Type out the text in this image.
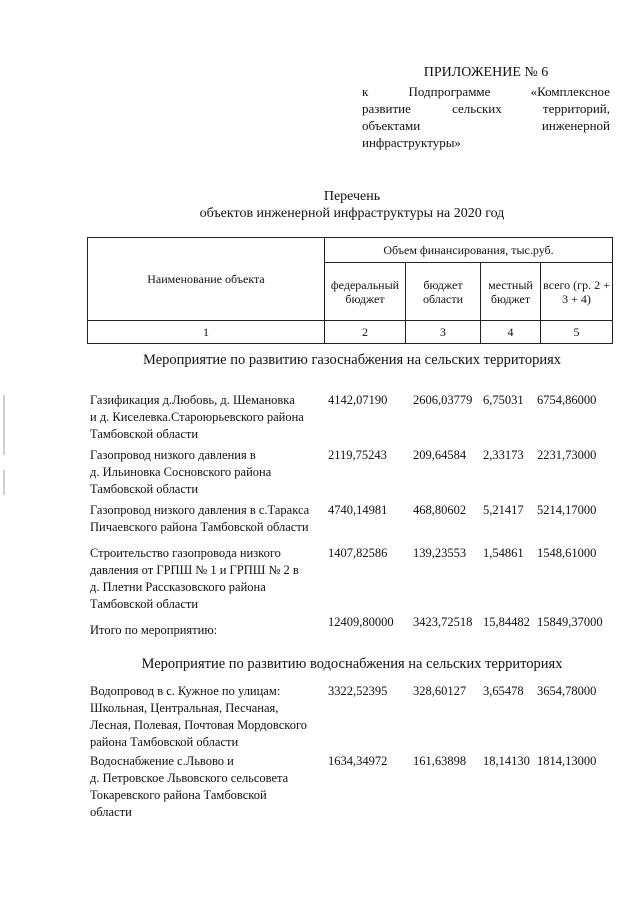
ПРИЛОЖЕНИЕ № 6
к	Подпрограмме	«Комплексное
развитие	сельских	территорий,
объектами	инженерной
инфраструктуры»
Перечень
объектов инженерной инфраструктуры на 2020 год
Наименование объекта	Объем финансирования, тыс.руб.			
	федеральный бюджет	бюджет области	местный бюджет	всего (гр. 2 + 3 + 4)
1	2	3	4	5
Мероприятие по развитию газоснабжения на сельских территориях
Газификация д.Любовь, д. Шемановка
и д. Киселевка.Староюрьевского района
Тамбовской области
4142,07190 2606,03779 6,75031 6754,86000
Газопровод низкого давления в
д. Ильиновка Сосновского района
Тамбовской области
2119,75243 209,64584 2,33173 2231,73000
Газопровод низкого давления в с.Таракса
Пичаевского района Тамбовской области
4740,14981 468,80602 5,21417 5214,17000
Строительство газопровода низкого
давления от ГРПШ № 1 и ГРПШ № 2 в
д. Плетни Рассказовского района
Тамбовской области
1407,82586 139,23553 1,54861 1548,61000
Итого по мероприятию:
12409,80000 3423,72518 15,84482 15849,37000
Мероприятие по развитию водоснабжения на сельских территориях
Водопровод в с. Кужное по улицам:
Школьная, Центральная, Песчаная,
Лесная, Полевая, Почтовая Мордовского
района Тамбовской области
3322,52395 328,60127 3,65478 3654,78000
Водоснабжение с.Львово и
д. Петровское Львовского сельсовета
Токаревского района Тамбовской
области
1634,34972 161,63898 18,14130 1814,13000
